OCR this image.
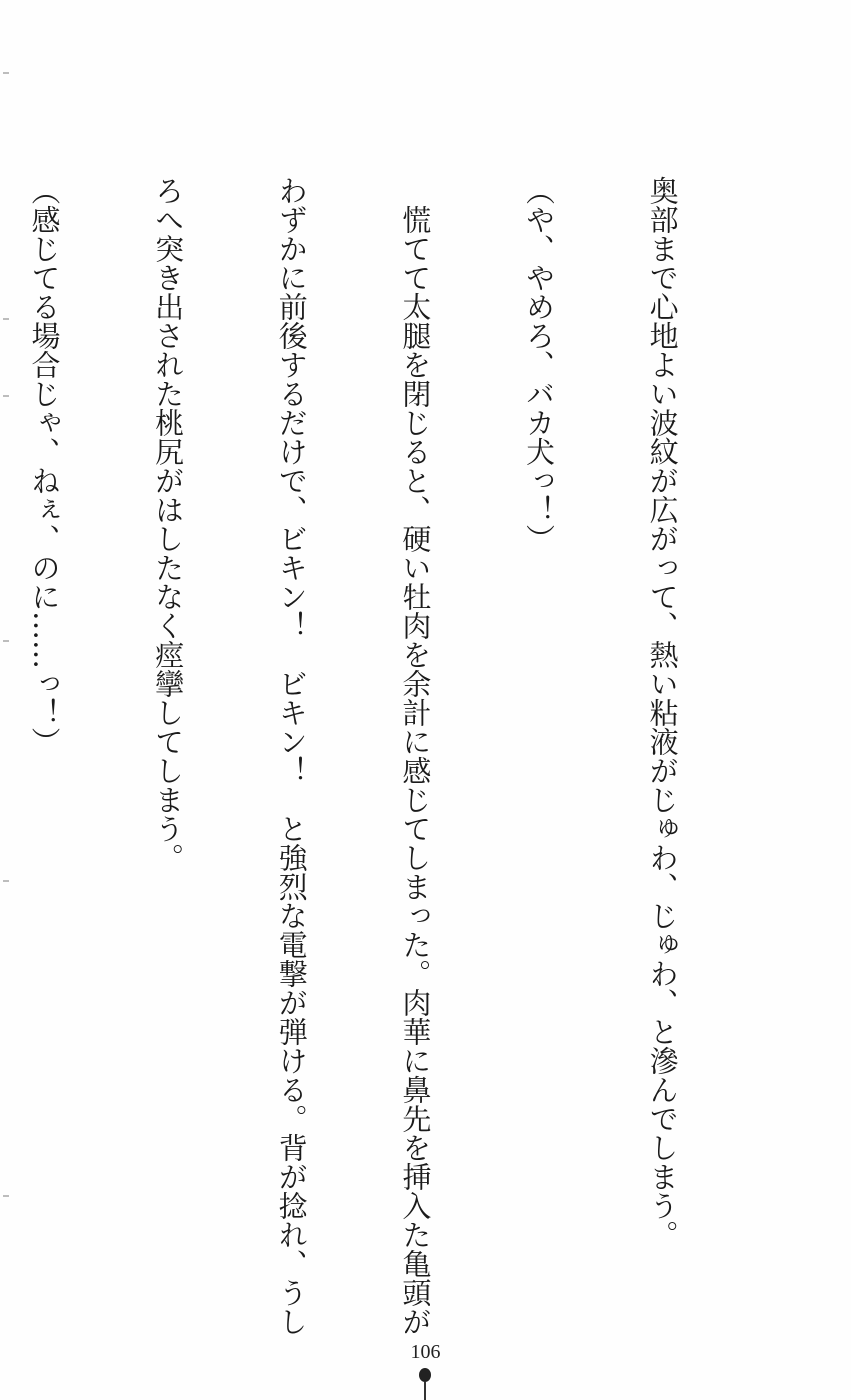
奥部まで心地よい波紋が広がって、熱い粘液がじゅわ、じゅわ、と滲んでしまう。

（や、やめろ、バカ犬っ！）

　慌てて太腿を閉じると、硬い牡肉を余計に感じてしまった。肉華に鼻先を挿入た亀頭が

わずかに前後するだけで、ビキン！　ビキン！　と強烈な電撃が弾ける。背が捻れ、うし

ろへ突き出された桃尻がはしたなく痙攣してしまう。

（感じてる場合じゃ、ねぇ、のに……っ！）

106
